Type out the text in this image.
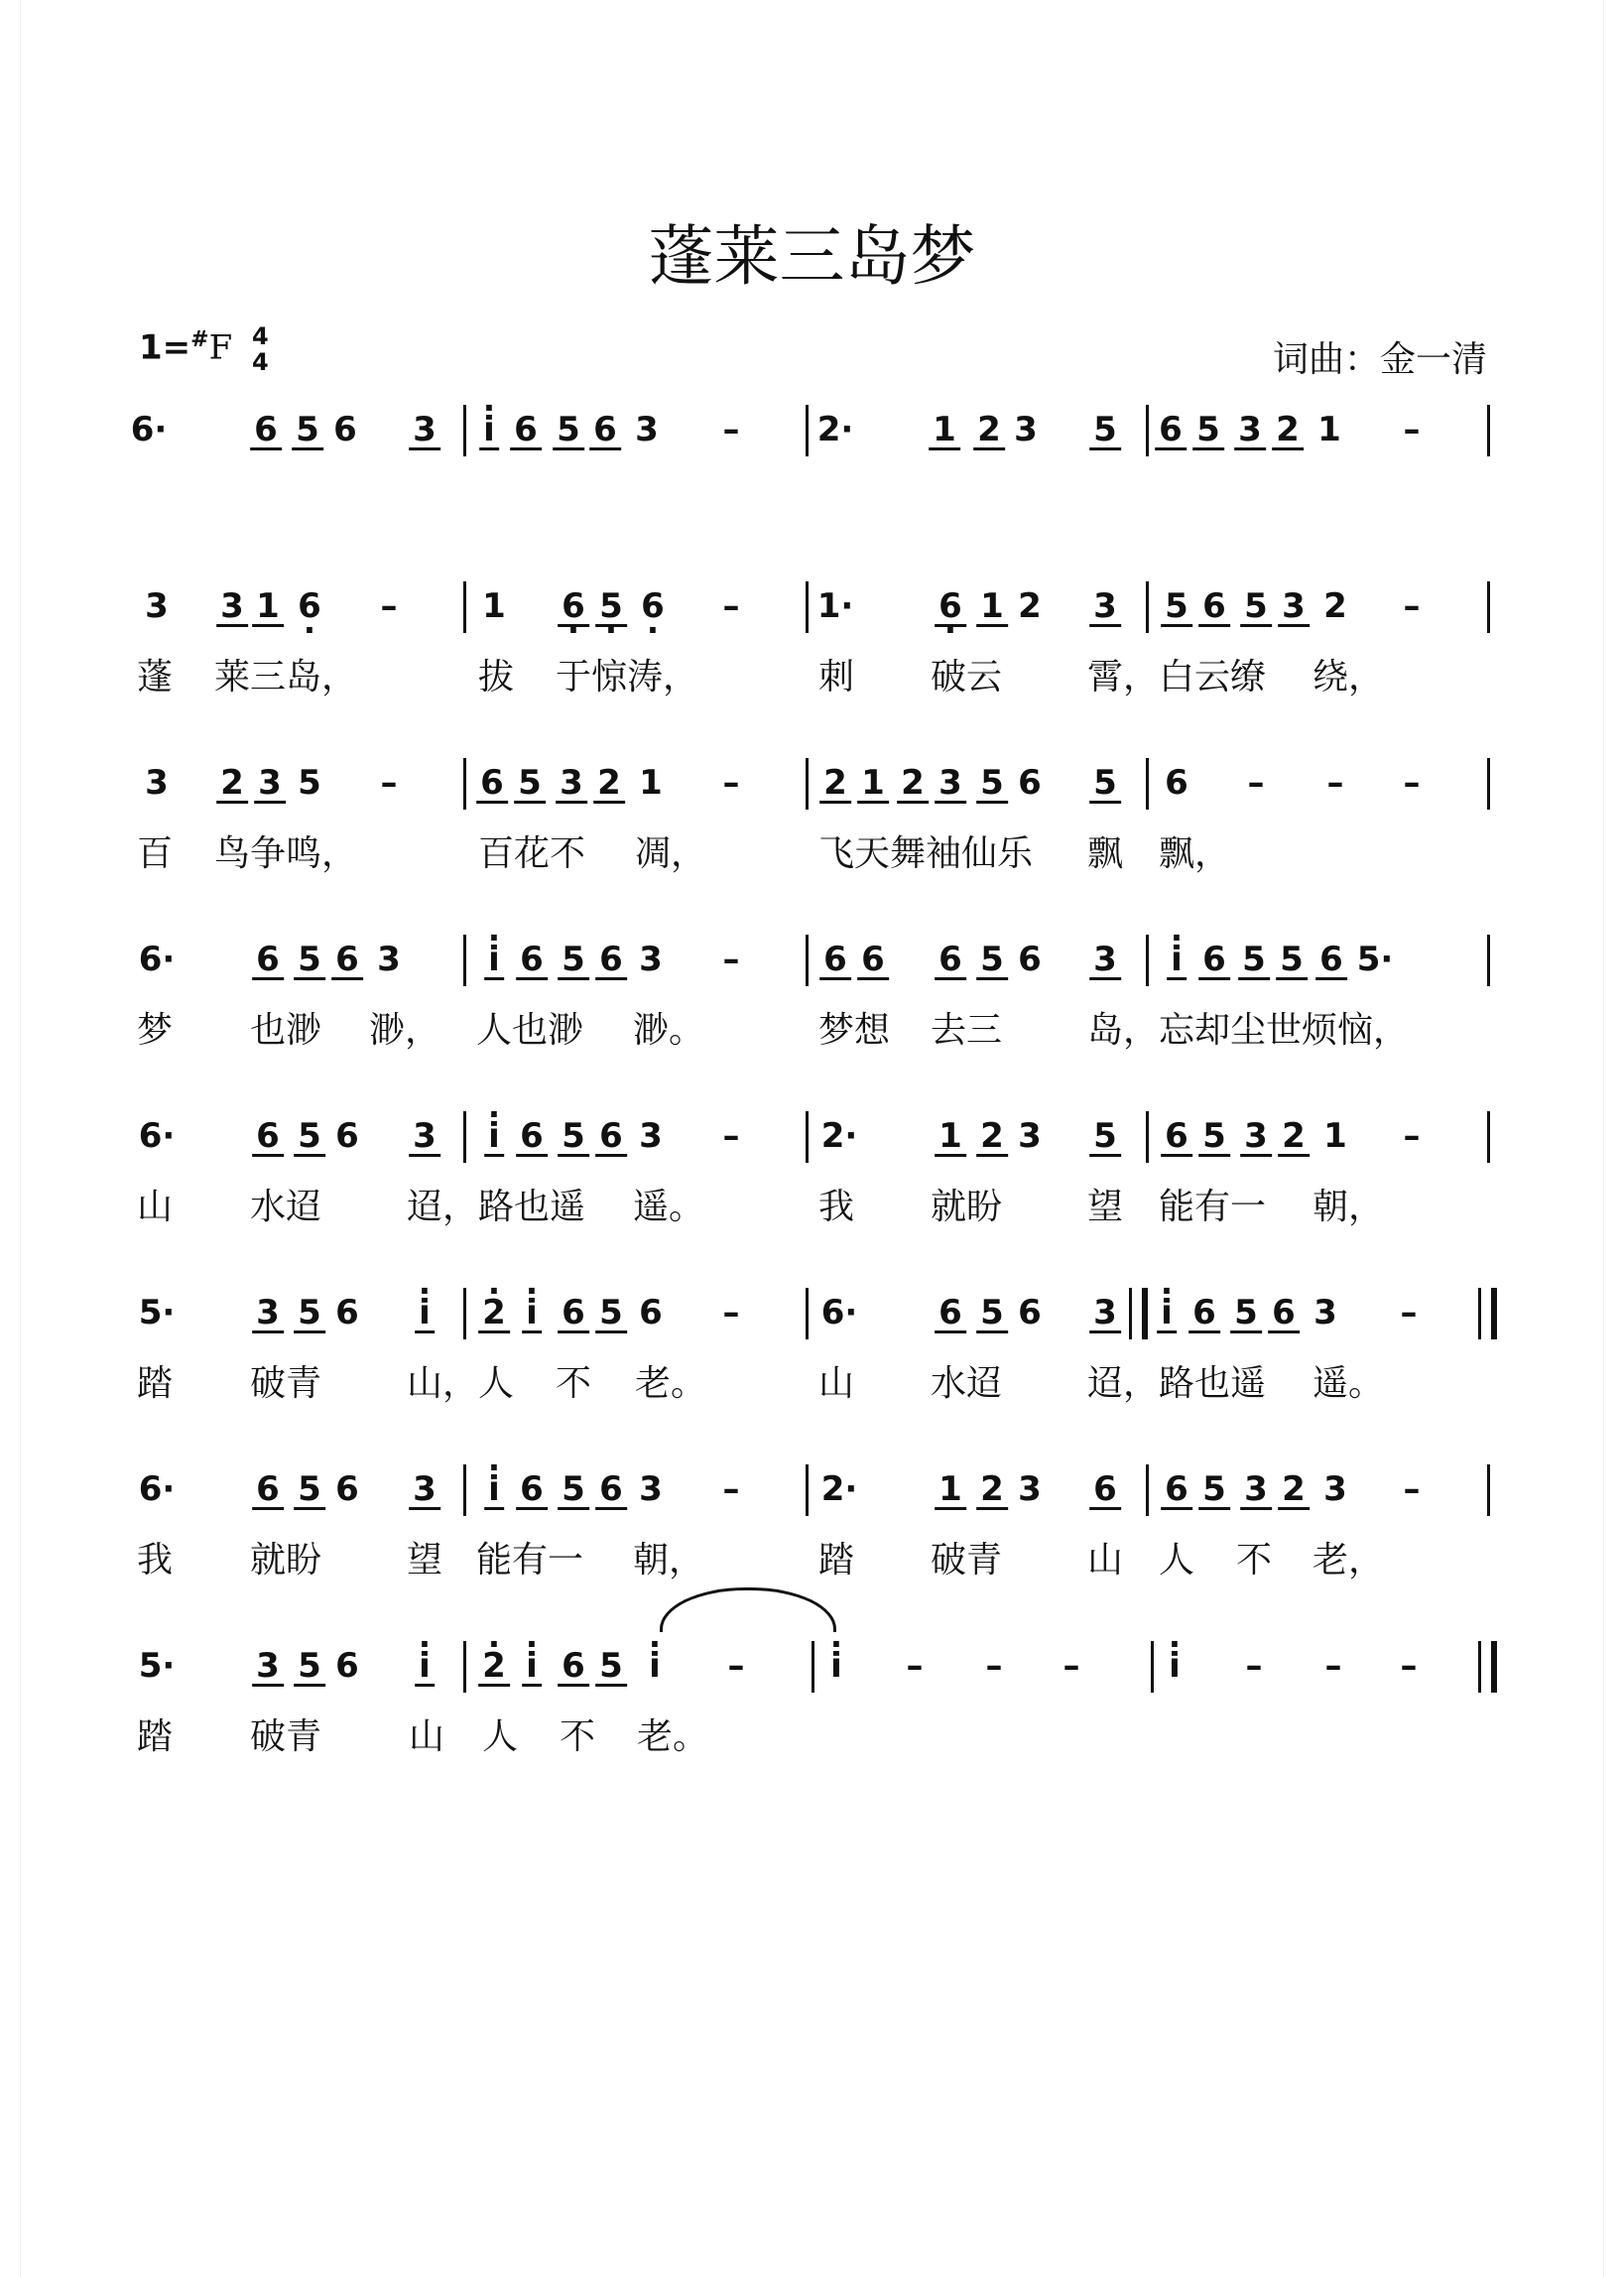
蓬莱三岛梦
1=#F 4
4	词曲：金一清
6·	6 5 6 3 · i 6 5 6 3 – 2· 1 2 3 5 6 5 3 2 1 –
3 3 1 · 6 –	1 · 6 · 5 · 6 – 1·	· 6 1 2 3 5 6 5 3 2 –
蓬 莱三岛，	拔 于惊涛，	刺 破云 霄，白云缭 绕，
3 2 3 5 – 6 5 3 2 1 – 2 1 2 3 5 6 5 6 – – –
百 鸟争鸣，	百花不 凋，	飞天舞袖仙乐 飘 飘，
6· 6 5 6 3	· i 6 5 6 3 – 6 6 6 5 6 3 · i 6 5 5 6 5·
梦 也渺 渺， 人也渺 渺。	梦想 去三 岛，忘却尘世烦恼，
6· 6 5 6 3 · i 6 5 6 3 – 2· 1 2 3 5 6 5 3 2 1 –
山 水迢 迢，路也遥 遥。	我 就盼 望 能有一 朝，
5· 3 5 6 · i · 2 · i 6 5 6 – 6· 6 5 6 3 · i 6 5 6 3 –
踏 破青 山，人 不 老。	山 水迢 迢，路也遥 遥。
6· 6 5 6 3 · i 6 5 6 3 – 2· 1 2 3 6 6 5 3 2 3 –
我 就盼 望 能有一 朝，	踏 破青 山 人 不 老，
5· 3 5 6 · i · 2 · i 6 5 · i –	· i – – –	· i – – –
踏 破青 山 人 不 老。
